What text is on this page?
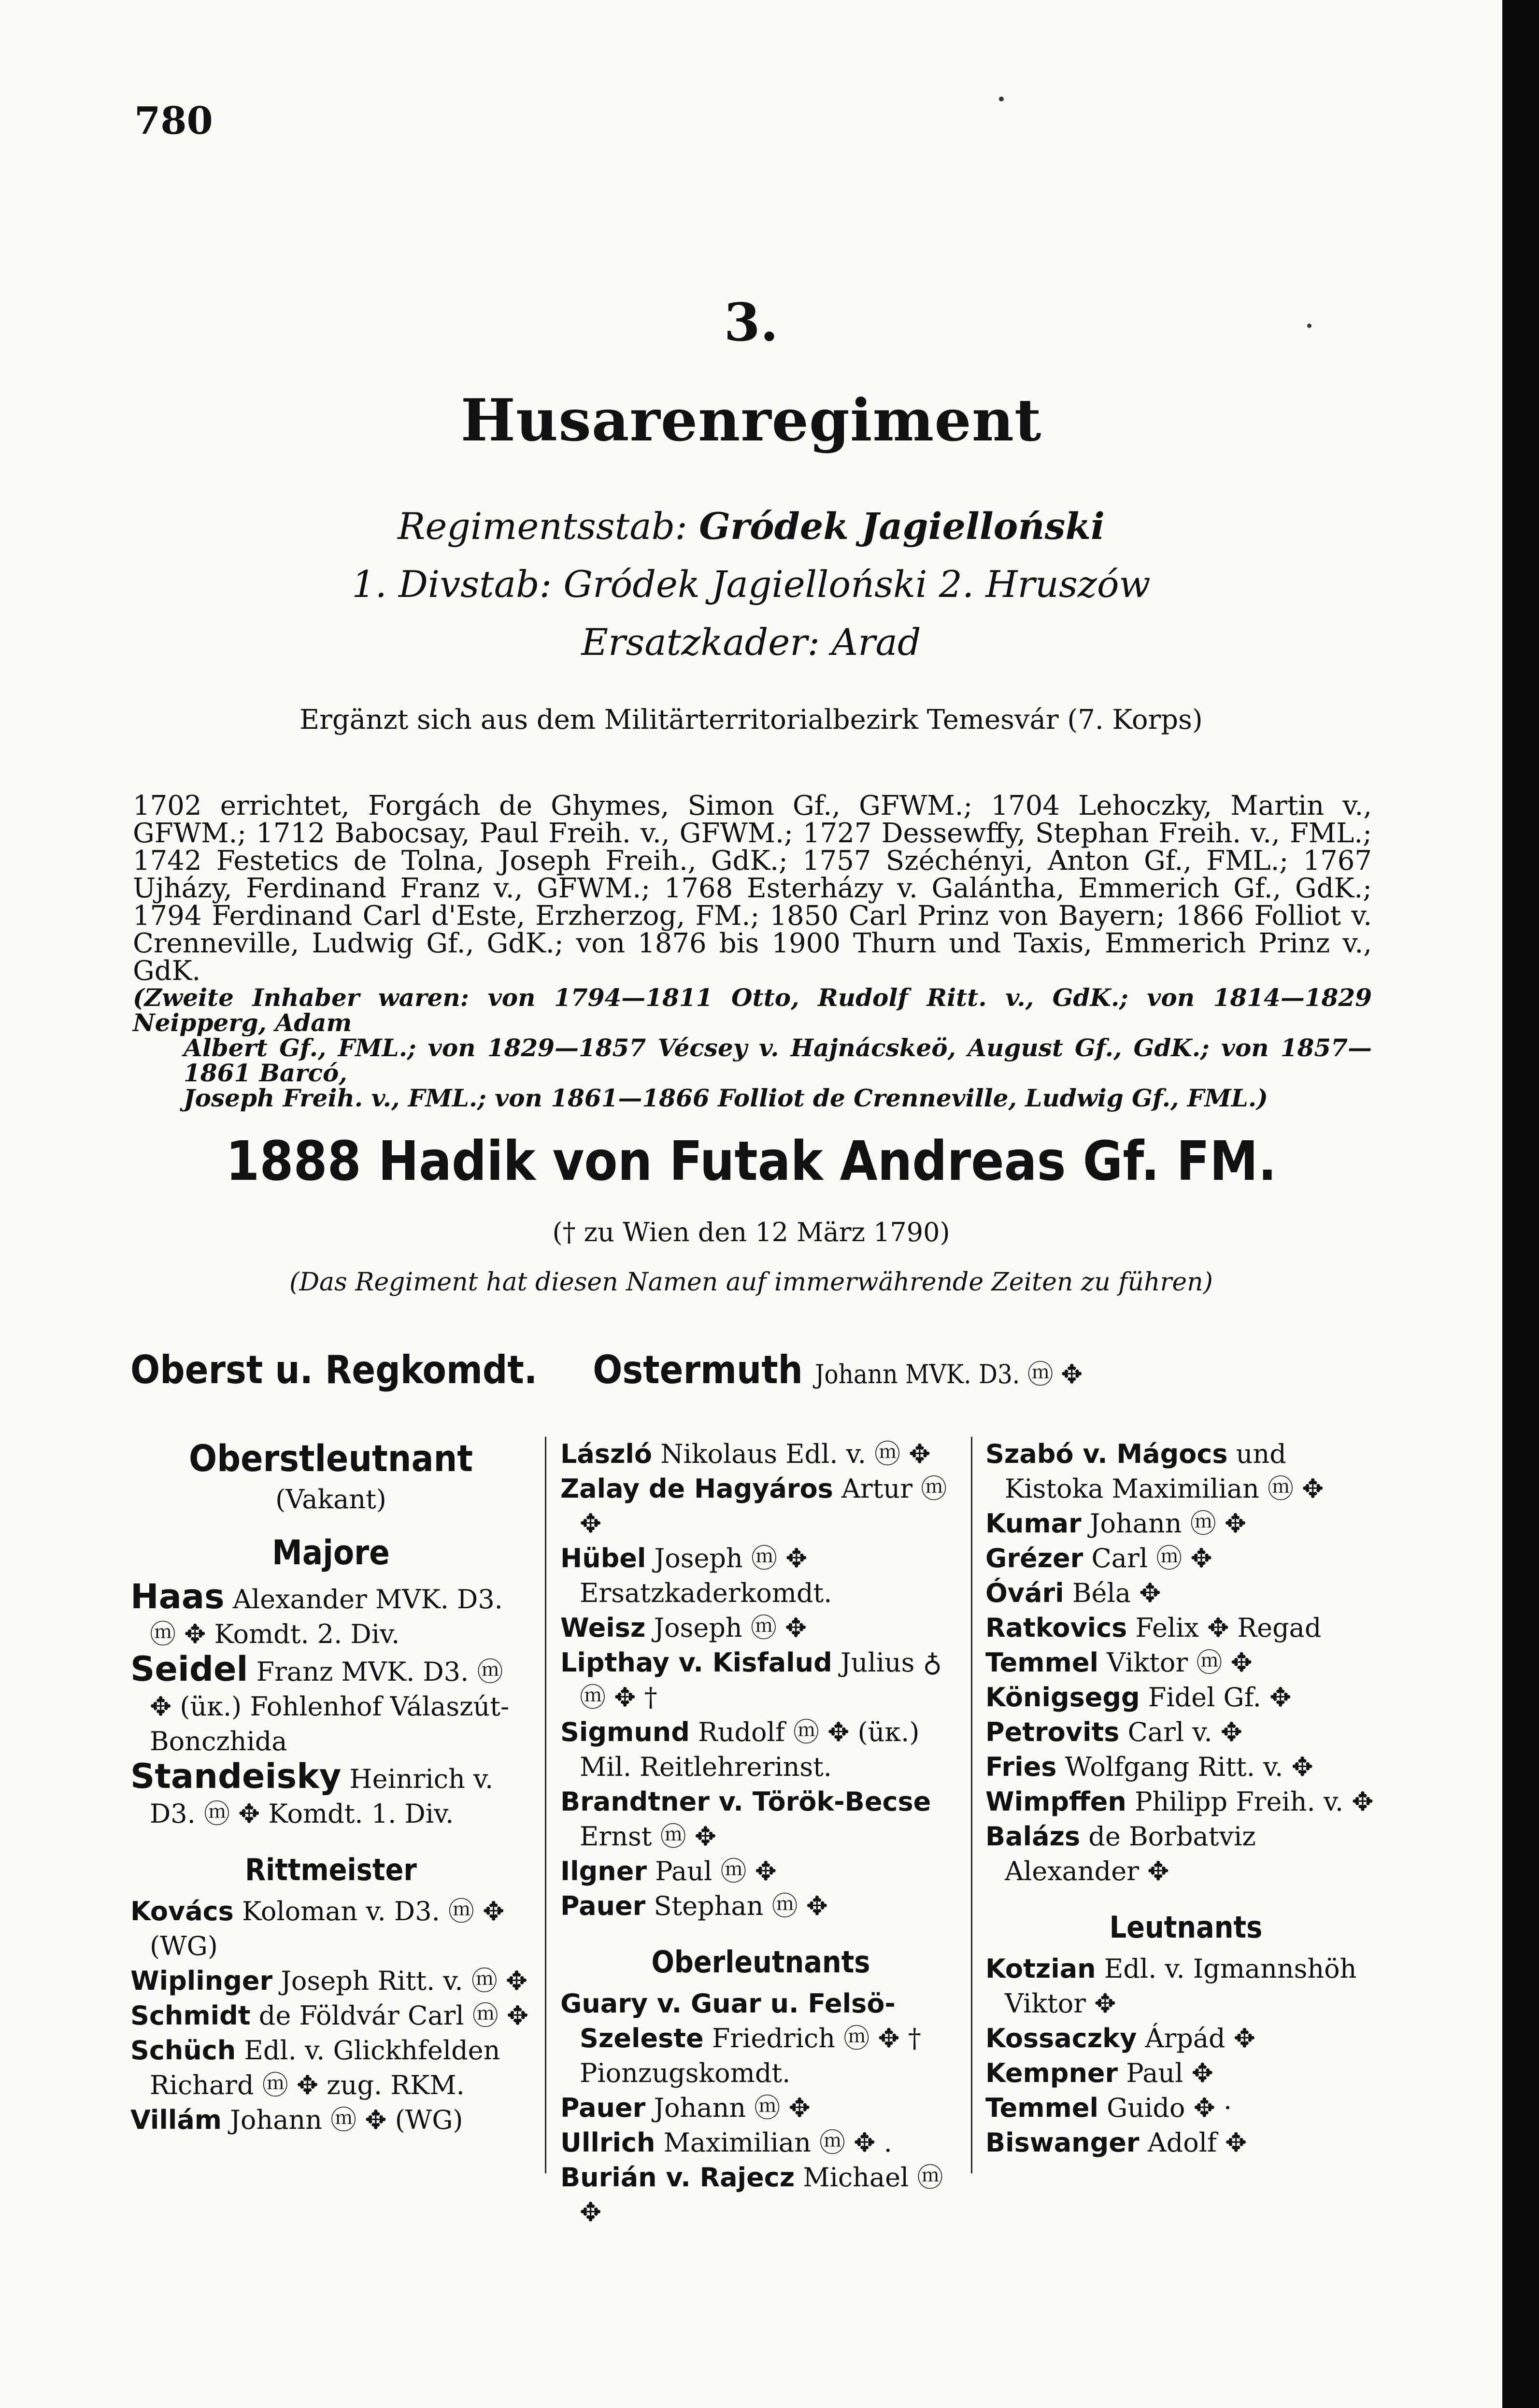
780
3.
Husarenregiment
Regimentsstab: Gródek Jagielloński
1. Divstab: Gródek Jagielloński 2. Hruszów
Ersatzkader: Arad
Ergänzt sich aus dem Militärterritorialbezirk Temesvár (7. Korps)
1702 errichtet, Forgách de Ghymes, Simon Gf., GFWM.; 1704 Lehoczky, Martin v., GFWM.; 1712 Babocsay, Paul Freih. v., GFWM.; 1727 Dessewffy, Stephan Freih. v., FML.; 1742 Festetics de Tolna, Joseph Freih., GdK.; 1757 Széchényi, Anton Gf., FML.; 1767 Ujházy, Ferdinand Franz v., GFWM.; 1768 Esterházy v. Galántha, Emmerich Gf., GdK.; 1794 Ferdinand Carl d'Este, Erzherzog, FM.; 1850 Carl Prinz von Bayern; 1866 Folliot v. Crenneville, Ludwig Gf., GdK.; von 1876 bis 1900 Thurn und Taxis, Emmerich Prinz v., GdK.
(Zweite Inhaber waren: von 1794—1811 Otto, Rudolf Ritt. v., GdK.; von 1814—1829 Neipperg, Adam
Albert Gf., FML.; von 1829—1857 Vécsey v. Hajnácskeö, August Gf., GdK.; von 1857—1861 Barcó,
Joseph Freih. v., FML.; von 1861—1866 Folliot de Crenneville, Ludwig Gf., FML.)
1888 Hadik von Futak Andreas Gf. FM.
(† zu Wien den 12 März 1790)
(Das Regiment hat diesen Namen auf immerwährende Zeiten zu führen)
Oberst u. Regkomdt. Ostermuth Johann MVK. D3. ⓜ ✥
Oberstleutnant
(Vakant)
Majore
Haas Alexander MVK. D3. ⓜ ✥ Komdt. 2. Div.
Seidel Franz MVK. D3. ⓜ ✥ (üк.) Fohlenhof Válaszút-Bonczhida
Standeisky Heinrich v. D3. ⓜ ✥ Komdt. 1. Div.
Rittmeister
Kovács Koloman v. D3. ⓜ ✥ (WG)
Wiplinger Joseph Ritt. v. ⓜ ✥
Schmidt de Földvár Carl ⓜ ✥
Schüch Edl. v. Glickhfelden Richard ⓜ ✥ zug. RKM.
Villám Johann ⓜ ✥ (WG)
László Nikolaus Edl. v. ⓜ ✥
Zalay de Hagyáros Artur ⓜ ✥
Hübel Joseph ⓜ ✥ Ersatzkaderkomdt.
Weisz Joseph ⓜ ✥
Lipthay v. Kisfalud Julius ♁ ⓜ ✥ †
Sigmund Rudolf ⓜ ✥ (üк.) Mil. Reitlehrerinst.
Brandtner v. Török-Becse Ernst ⓜ ✥
Ilgner Paul ⓜ ✥
Pauer Stephan ⓜ ✥
Oberleutnants
Guary v. Guar u. Felsö-Szeleste Friedrich ⓜ ✥ † Pionzugskomdt.
Pauer Johann ⓜ ✥
Ullrich Maximilian ⓜ ✥ .
Burián v. Rajecz Michael ⓜ ✥
Szabó v. Mágocs und Kistoka Maximilian ⓜ ✥
Kumar Johann ⓜ ✥
Grézer Carl ⓜ ✥
Óvári Béla ✥
Ratkovics Felix ✥ Regad
Temmel Viktor ⓜ ✥
Königsegg Fidel Gf. ✥
Petrovits Carl v. ✥
Fries Wolfgang Ritt. v. ✥
Wimpffen Philipp Freih. v. ✥
Balázs de Borbatviz Alexander ✥
Leutnants
Kotzian Edl. v. Igmannshöh Viktor ✥
Kossaczky Árpád ✥
Kempner Paul ✥
Temmel Guido ✥ ·
Biswanger Adolf ✥
